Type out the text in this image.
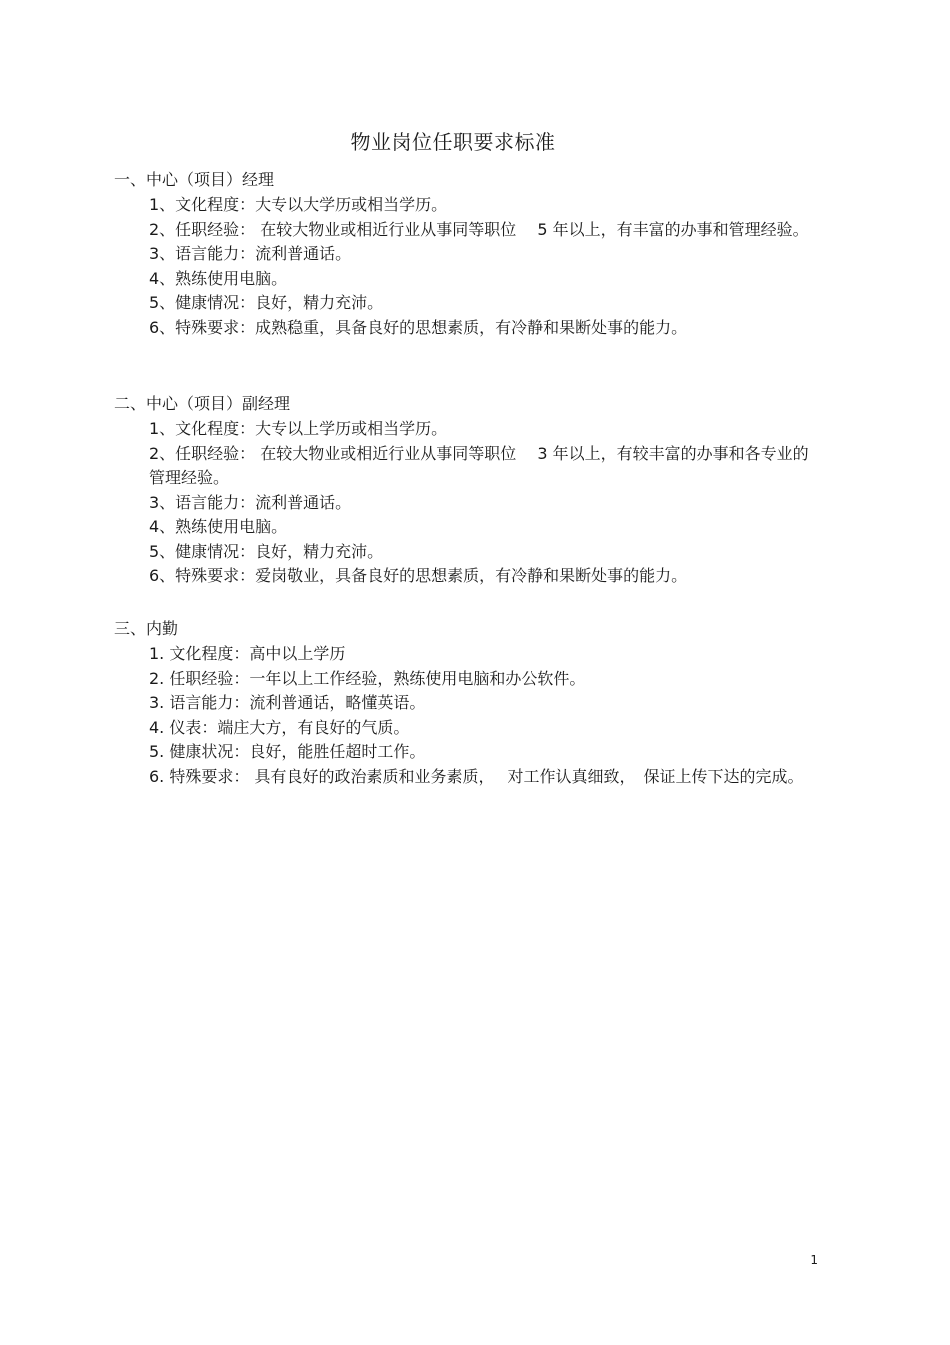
物业岗位任职要求标准
一、中心（项目）经理

1、文化程度：大专以大学历或相当学历。

2、任职经验： 在较大物业或相近行业从事同等职位　 5 年以上，有丰富的办事和管理经验。

3、语言能力：流利普通话。

4、熟练使用电脑。

5、健康情况：良好，精力充沛。

6、特殊要求：成熟稳重，具备良好的思想素质，有冷静和果断处事的能力。

二、中心（项目）副经理

1、文化程度：大专以上学历或相当学历。

2、任职经验： 在较大物业或相近行业从事同等职位　 3 年以上，有较丰富的办事和各专业的管理经验。

3、语言能力：流利普通话。

4、熟练使用电脑。

5、健康情况：良好，精力充沛。

6、特殊要求：爱岗敬业，具备良好的思想素质，有冷静和果断处事的能力。

三、内勤

1. 文化程度：高中以上学历

2. 任职经验：一年以上工作经验，熟练使用电脑和办公软件。

3. 语言能力：流利普通话，略懂英语。

4. 仪表：端庄大方，有良好的气质。

5. 健康状况：良好，能胜任超时工作。

6. 特殊要求： 具有良好的政治素质和业务素质，　 对工作认真细致，　保证上传下达的完成。

1
